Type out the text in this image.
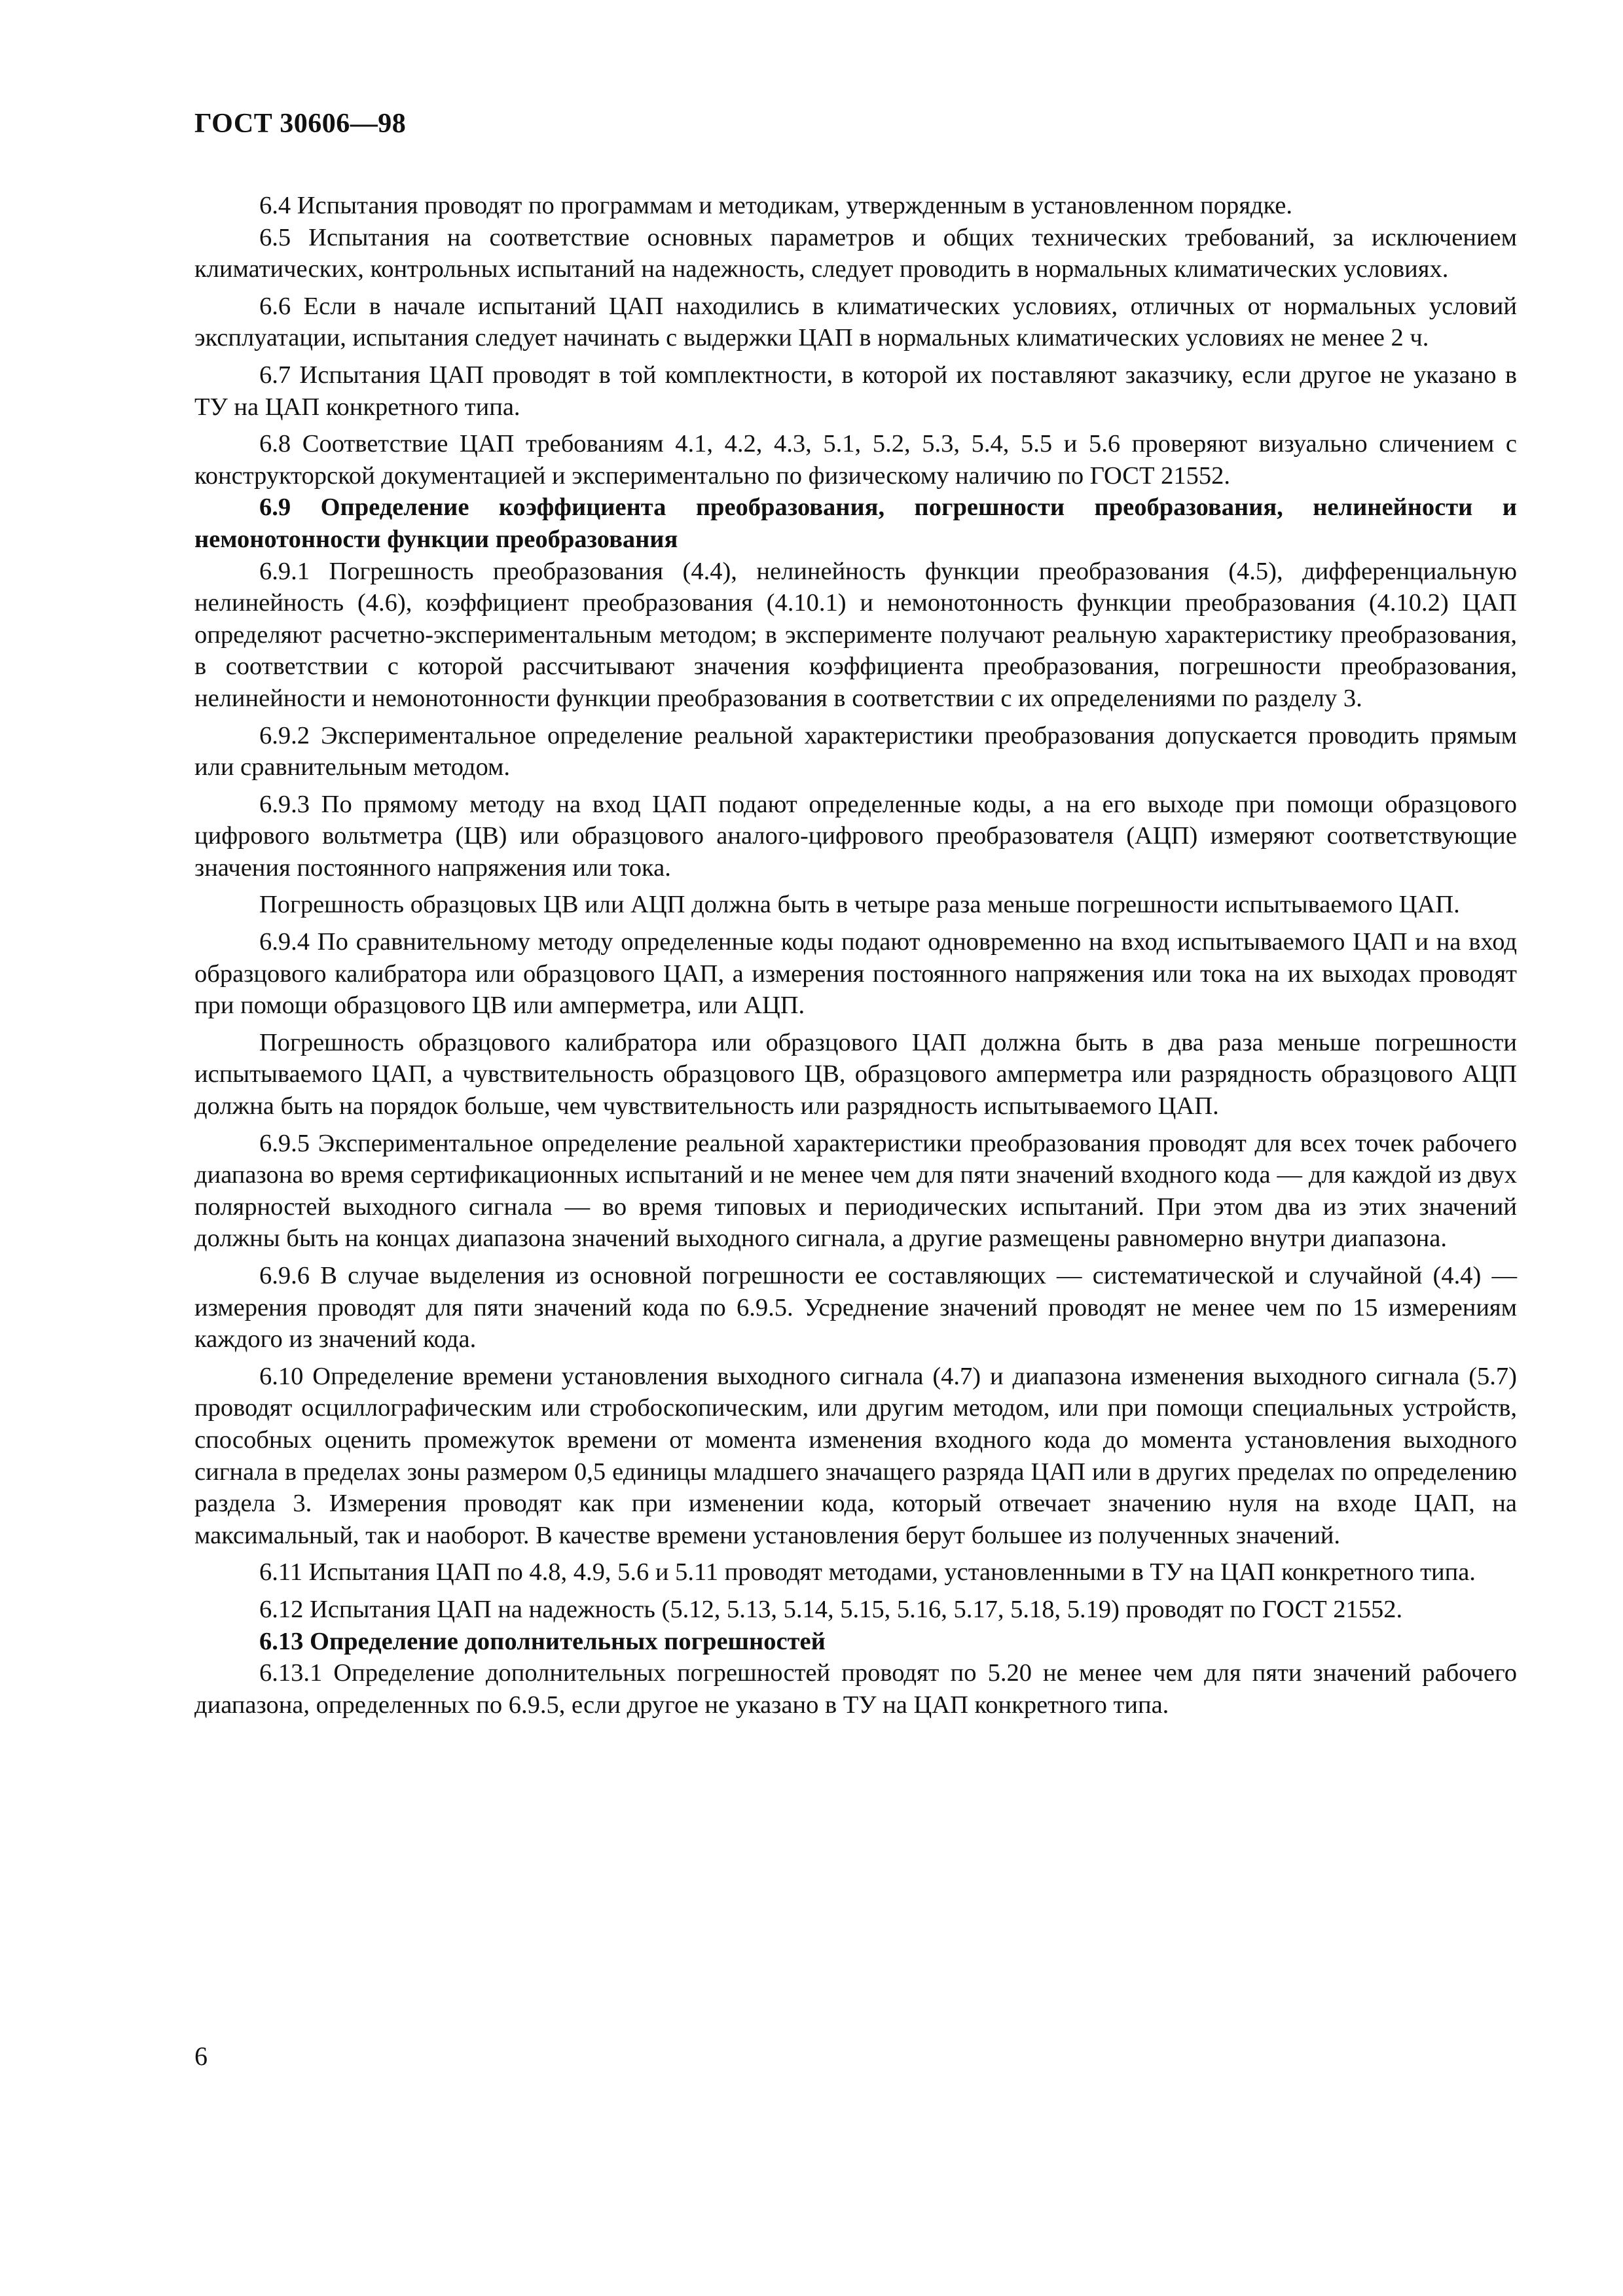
ГОСТ 30606—98

6.4 Испытания проводят по программам и методикам, утвержденным в установленном порядке.

6.5 Испытания на соответствие основных параметров и общих технических требований, за исключением климатических, контрольных испытаний на надежность, следует проводить в нормальных климатических условиях.

6.6 Если в начале испытаний ЦАП находились в климатических условиях, отличных от нормальных условий эксплуатации, испытания следует начинать с выдержки ЦАП в нормальных климатических условиях не менее 2 ч.

6.7 Испытания ЦАП проводят в той комплектности, в которой их поставляют заказчику, если другое не указано в ТУ на ЦАП конкретного типа.

6.8 Соответствие ЦАП требованиям 4.1, 4.2, 4.3, 5.1, 5.2, 5.3, 5.4, 5.5 и 5.6 проверяют визуально сличением с конструкторской документацией и экспериментально по физическому наличию по ГОСТ 21552.

6.9 Определение коэффициента преобразования, погрешности преобразования, нелинейности и немонотонности функции преобразования

6.9.1 Погрешность преобразования (4.4), нелинейность функции преобразования (4.5), дифференциальную нелинейность (4.6), коэффициент преобразования (4.10.1) и немонотонность функции преобразования (4.10.2) ЦАП определяют расчетно-экспериментальным методом; в эксперименте получают реальную характеристику преобразования, в соответствии с которой рассчитывают значения коэффициента преобразования, погрешности преобразования, нелинейности и немонотонности функции преобразования в соответствии с их определениями по разделу 3.

6.9.2 Экспериментальное определение реальной характеристики преобразования допускается проводить прямым или сравнительным методом.

6.9.3 По прямому методу на вход ЦАП подают определенные коды, а на его выходе при помощи образцового цифрового вольтметра (ЦВ) или образцового аналого-цифрового преобразователя (АЦП) измеряют соответствующие значения постоянного напряжения или тока.

Погрешность образцовых ЦВ или АЦП должна быть в четыре раза меньше погрешности испытываемого ЦАП.

6.9.4 По сравнительному методу определенные коды подают одновременно на вход испытываемого ЦАП и на вход образцового калибратора или образцового ЦАП, а измерения постоянного напряжения или тока на их выходах проводят при помощи образцового ЦВ или амперметра, или АЦП.

Погрешность образцового калибратора или образцового ЦАП должна быть в два раза меньше погрешности испытываемого ЦАП, а чувствительность образцового ЦВ, образцового амперметра или разрядность образцового АЦП должна быть на порядок больше, чем чувствительность или разрядность испытываемого ЦАП.

6.9.5 Экспериментальное определение реальной характеристики преобразования проводят для всех точек рабочего диапазона во время сертификационных испытаний и не менее чем для пяти значений входного кода — для каждой из двух полярностей выходного сигнала — во время типовых и периодических испытаний. При этом два из этих значений должны быть на концах диапазона значений выходного сигнала, а другие размещены равномерно внутри диапазона.

6.9.6 В случае выделения из основной погрешности ее составляющих — систематической и случайной (4.4) — измерения проводят для пяти значений кода по 6.9.5. Усреднение значений проводят не менее чем по 15 измерениям каждого из значений кода.

6.10 Определение времени установления выходного сигнала (4.7) и диапазона изменения выходного сигнала (5.7) проводят осциллографическим или стробоскопическим, или другим методом, или при помощи специальных устройств, способных оценить промежуток времени от момента изменения входного кода до момента установления выходного сигнала в пределах зоны размером 0,5 единицы младшего значащего разряда ЦАП или в других пределах по определению раздела 3. Измерения проводят как при изменении кода, который отвечает значению нуля на входе ЦАП, на максимальный, так и наоборот. В качестве времени установления берут большее из полученных значений.

6.11 Испытания ЦАП по 4.8, 4.9, 5.6 и 5.11 проводят методами, установленными в ТУ на ЦАП конкретного типа.

6.12 Испытания ЦАП на надежность (5.12, 5.13, 5.14, 5.15, 5.16, 5.17, 5.18, 5.19) проводят по ГОСТ 21552.

6.13 Определение дополнительных погрешностей

6.13.1 Определение дополнительных погрешностей проводят по 5.20 не менее чем для пяти значений рабочего диапазона, определенных по 6.9.5, если другое не указано в ТУ на ЦАП конкретного типа.

6
